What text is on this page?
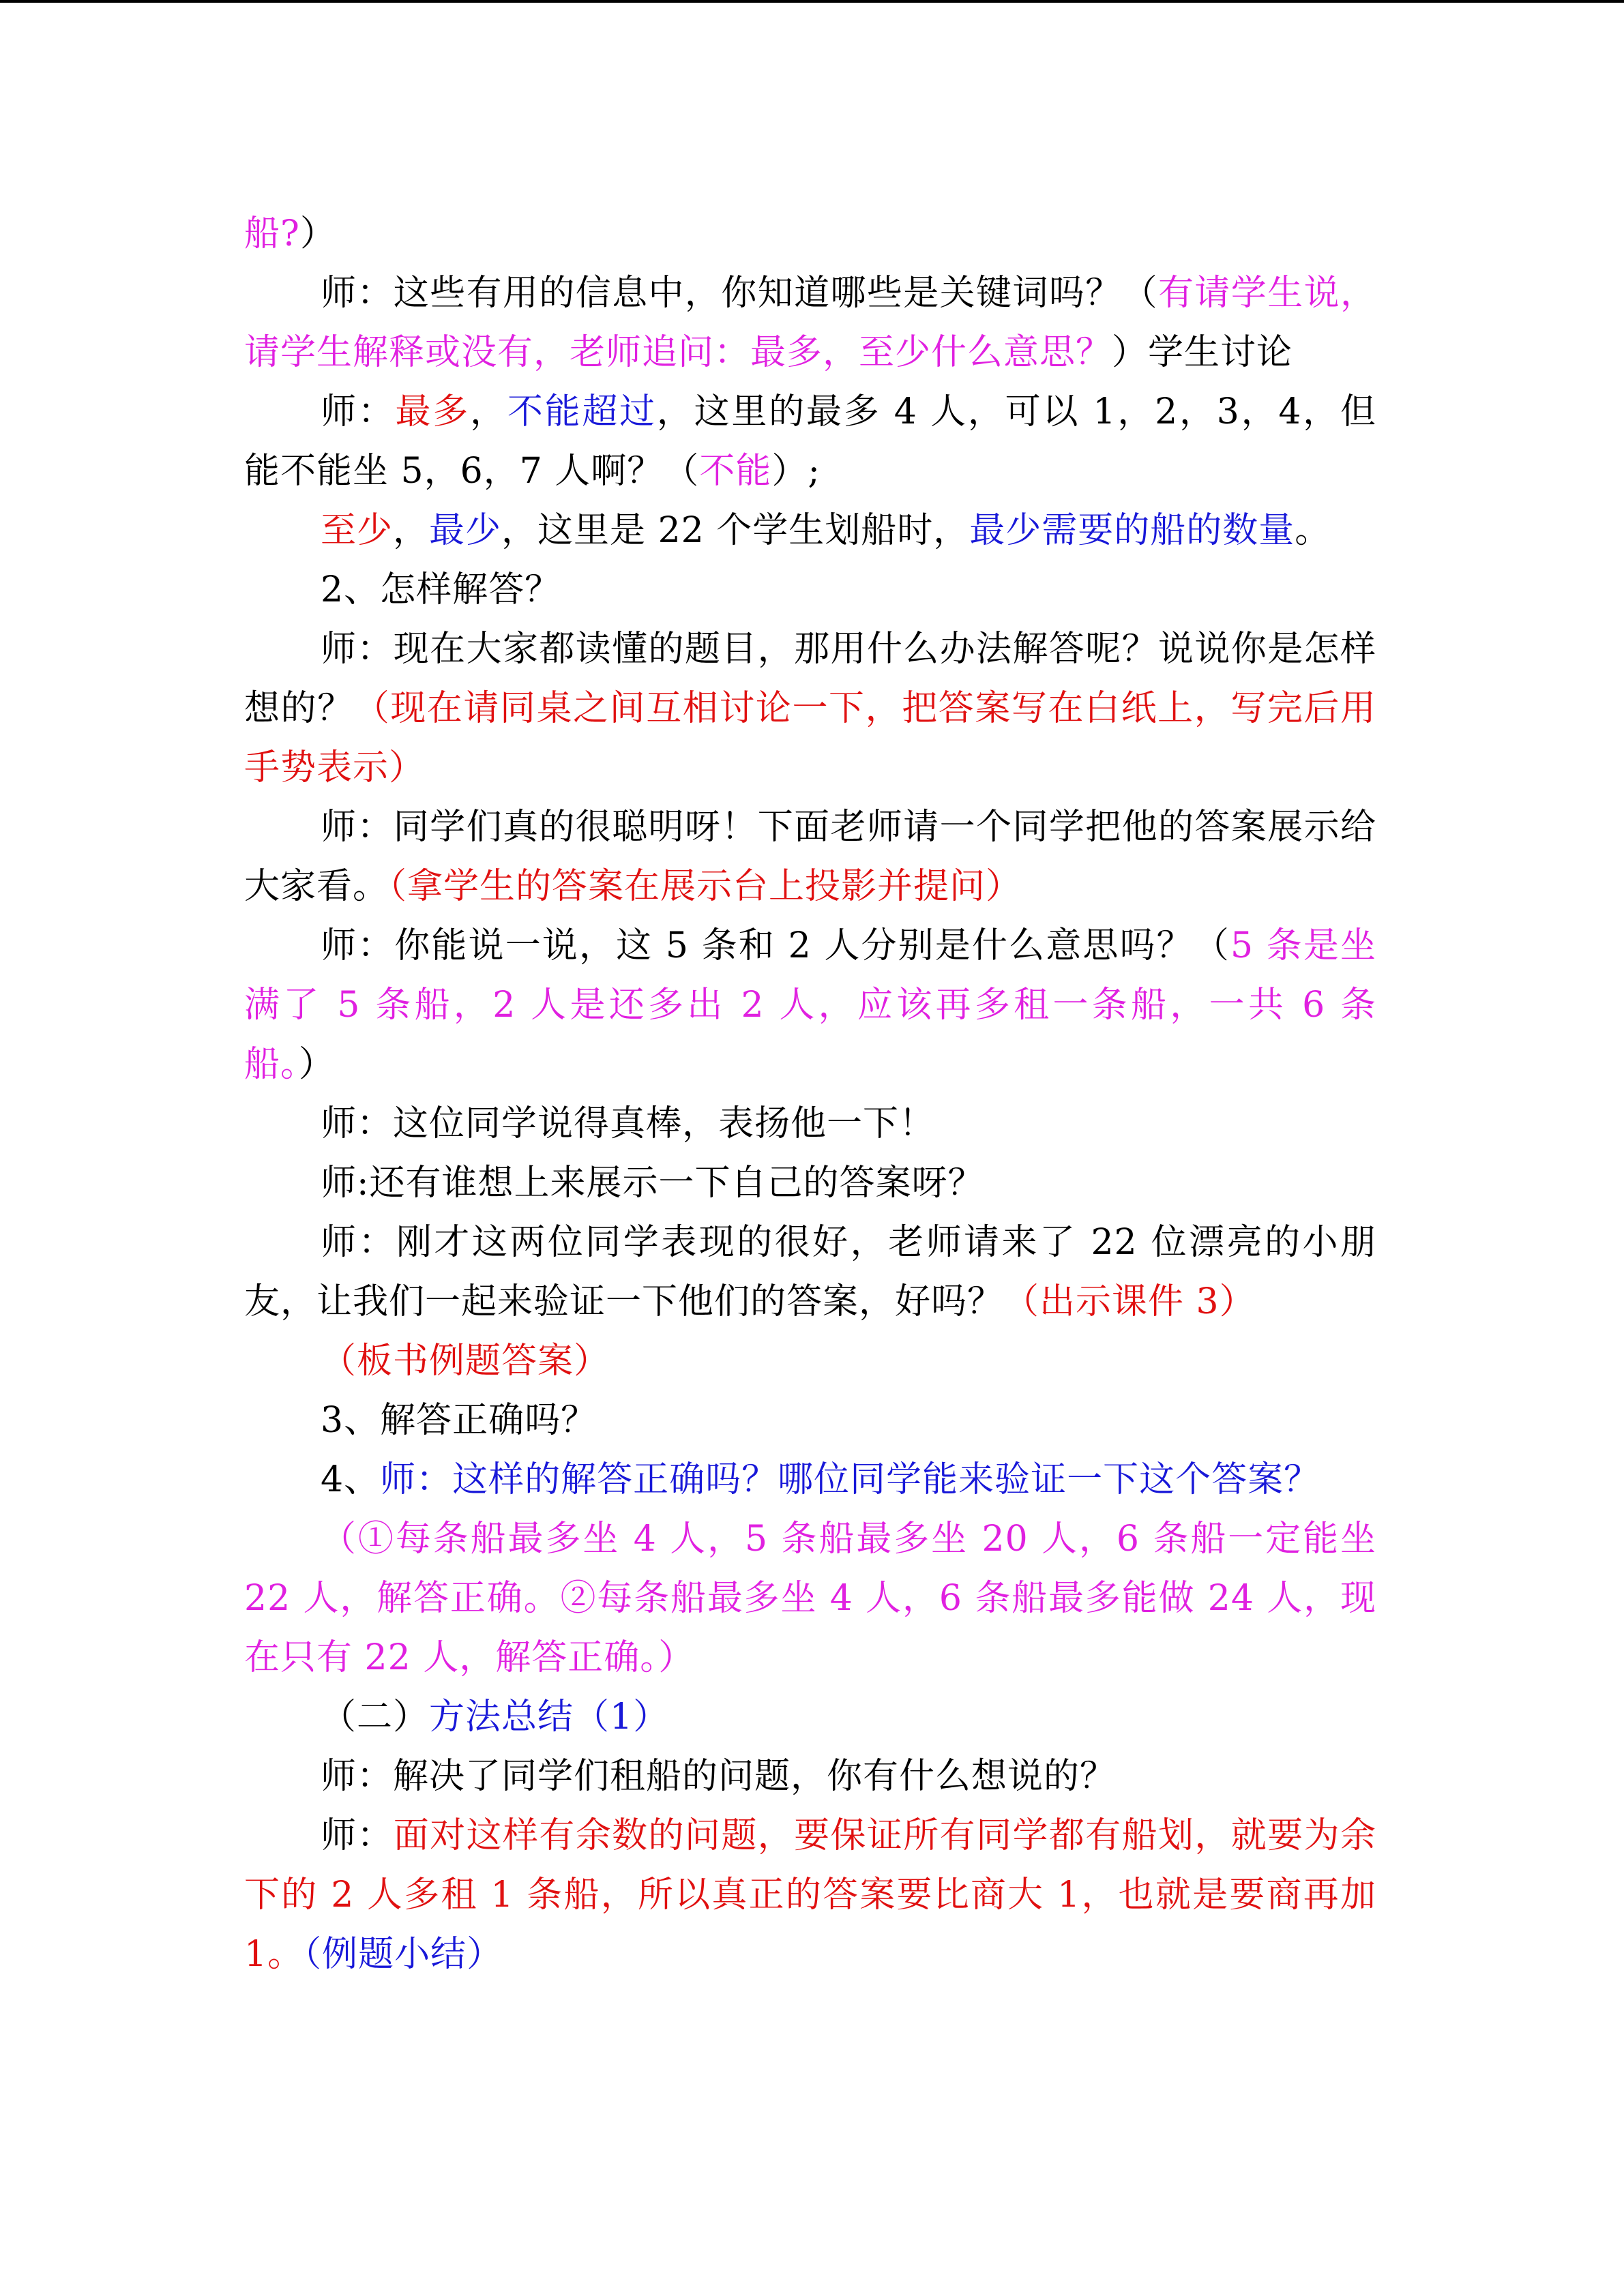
船?）

师：这些有用的信息中，你知道哪些是关键词吗？（有请学生说，请学生解释或没有，老师追问：最多，至少什么意思？）学生讨论

师：最多，不能超过，这里的最多 4 人，可以 1，2，3，4，但能不能坐 5，6，7 人啊？（不能）;

至少，最少，这里是 22 个学生划船时，最少需要的船的数量。

2、怎样解答？

师：现在大家都读懂的题目，那用什么办法解答呢？说说你是怎样想的？（现在请同桌之间互相讨论一下，把答案写在白纸上，写完后用手势表示）

师：同学们真的很聪明呀！下面老师请一个同学把他的答案展示给大家看。（拿学生的答案在展示台上投影并提问）

师：你能说一说，这 5 条和 2 人分别是什么意思吗？（5 条是坐满了 5 条船，2 人是还多出 2 人，应该再多租一条船，一共 6 条船。）

师：这位同学说得真棒，表扬他一下！

师:还有谁想上来展示一下自己的答案呀？

师：刚才这两位同学表现的很好，老师请来了 22 位漂亮的小朋友，让我们一起来验证一下他们的答案，好吗？（出示课件 3）

（板书例题答案）

3、解答正确吗？

4、师：这样的解答正确吗？哪位同学能来验证一下这个答案？

（①每条船最多坐 4 人，5 条船最多坐 20 人，6 条船一定能坐 22 人，解答正确。②每条船最多坐 4 人，6 条船最多能做 24 人，现在只有 22 人，解答正确。）

（二）方法总结（1）

师：解决了同学们租船的问题，你有什么想说的？

师：面对这样有余数的问题，要保证所有同学都有船划，就要为余下的 2 人多租 1 条船，所以真正的答案要比商大 1，也就是要商再加 1。（例题小结）
